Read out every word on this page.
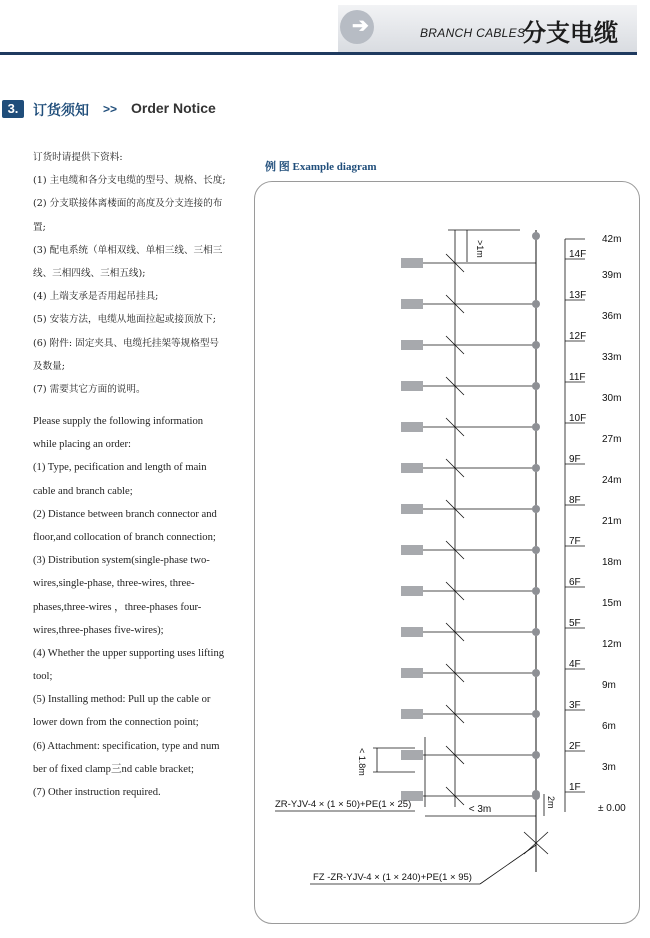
➔	BRANCH CABLES
分支电缆
3.	订货须知 >> Order Notice
订货时请提供下资料:
(1) 主电缆和各分支电缆的型号、规格、长度;
(2) 分支联接体离楼面的高度及分支连接的布
置;
(3) 配电系统（单相双线、单相三线、三相三
线、三相四线、三相五线);
(4) 上端支承是否用起吊挂具;
(5) 安装方法，电缆从地面拉起或接顶放下;
(6) 附件: 固定夹具、电缆托挂架等规格型号
及数量;
(7) 需要其它方面的说明。
Please supply the following information
while placing an order:
(1) Type, pecification and length of main
cable and branch cable;
(2) Distance between branch connector and
floor,and collocation of branch connection;
(3) Distribution system(single-phase two-
wires,single-phase, three-wires, three-
phases,three-wires ，three-phases four-
wires,three-phases five-wires);
(4) Whether the upper supporting uses lifting
tool;
(5) Installing method: Pull up the cable or
lower down from the connection point;
(6) Attachment: specification, type and num
ber of fixed clamp三nd cable bracket;
(7) Other instruction required.
例 图 Example diagram
1F
2F
3F
4F
5F
6F
7F
8F
9F
10F
11F
12F
13F
14F
± 0.00
3m
6m
9m
12m
15m
18m
21m
24m
27m
30m
33m
36m
39m
42m
>1m
< 1.8m
2m
< 3m
ZR-YJV-4 × (1 × 50)+PE(1 × 25)
FZ -ZR-YJV-4 × (1 × 240)+PE(1 × 95)
